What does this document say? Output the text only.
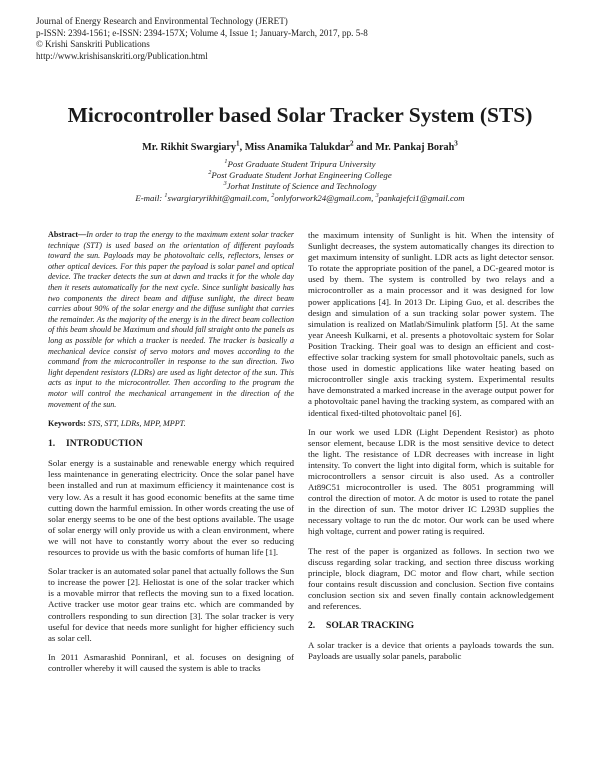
Journal of Energy Research and Environmental Technology (JERET)
p-ISSN: 2394-1561; e-ISSN: 2394-157X; Volume 4, Issue 1; January-March, 2017, pp. 5-8
© Krishi Sanskriti Publications
http://www.krishisanskriti.org/Publication.html
Microcontroller based Solar Tracker System (STS)
Mr. Rikhit Swargiary$^1$, Miss Anamika Talukdar$^2$ and Mr. Pankaj Borah$^3$
$^1$Post Graduate Student Tripura University
$^2$Post Graduate Student Jorhat Engineering College
$^3$Jorhat Institute of Science and Technology
E-mail: $^1$swargiaryrikhit@gmail.com, $^2$onlyforwork24@gmail.com, $^3$pankajefci1@gmail.com
Abstract—In order to trap the energy to the maximum extent solar tracker technique (STT) is used based on the orientation of different payloads toward the sun. Payloads may be photovoltaic cells, reflectors, lenses or other optical devices. For this paper the payload is solar panel and optical device. The tracker detects the sun at dawn and tracks it for the whole day then it resets automatically for the next cycle. Since sunlight basically has two components the direct beam and diffuse sunlight, the direct beam carries about 90% of the solar energy and the diffuse sunlight that carries the remainder. As the majority of the energy is in the direct beam collection of this beam should be Maximum and should fall straight onto the panels as long as possible for which a tracker is needed. The tracker is basically a mechanical device consist of servo motors and moves according to the command from the microcontroller in response to the sun direction. Two light dependent resistors (LDRs) are used as light detector of the sun. This acts as input to the microcontroller. Then according to the program the motor will control the mechanical arrangement in the direction of the movement of the sun.
Keywords: STS, STT, LDRs, MPP, MPPT.
1. INTRODUCTION

Solar energy is a sustainable and renewable energy which required less maintenance in generating electricity. Once the solar panel have been installed and run at maximum efficiency it maintenance cost is very low. As a result it has good economic benefits at the same time cutting down the harmful emission. In other words creating the use of solar energy seems to be one of the best options available. The usage of solar energy will only provide us with a clean environment, where we will not have to constantly worry about the ever so reducing resources to provide us with the basic comforts of human life [1].

Solar tracker is an automated solar panel that actually follows the Sun to increase the power [2]. Heliostat is one of the solar tracker which is a movable mirror that reflects the moving sun to a fixed location. Active tracker use motor gear trains etc. which are commanded by controllers responding to sun direction [3]. The solar tracker is very useful for device that needs more sunlight for higher efficiency such as solar cell.

In 2011 Asmarashid Ponniranl, et al. focuses on designing of controller whereby it will caused the system is able to tracks

the maximum intensity of Sunlight is hit. When the intensity of Sunlight decreases, the system automatically changes its direction to get maximum intensity of sunlight. LDR acts as light detector sensor. To rotate the appropriate position of the panel, a DC-geared motor is used by them. The system is controlled by two relays and a microcontroller as a main processor and it was designed for low power applications [4]. In 2013 Dr. Liping Guo, et al. describes the design and simulation of a sun tracking solar power system. The simulation is realized on Matlab/Simulink platform [5]. At the same year Aneesh Kulkarni, et al. presents a photovoltaic system for Solar Position Tracking. Their goal was to design an efficient and cost-effective solar tracking system for small photovoltaic panels, such as those used in domestic applications like water heating based on microcontroller single axis tracking system. Experimental results have demonstrated a marked increase in the average output power for a photovoltaic panel having the tracking system, as compared with an identical fixed-tilted photovoltaic panel [6].

In our work we used LDR (Light Dependent Resistor) as photo sensor element, because LDR is the most sensitive device to detect the light. The resistance of LDR decreases with increase in light intensity. To convert the light into digital form, which is suitable for microcontrollers a sensor circuit is also used. As a controller At89C51 microcontroller is used. The 8051 programming will control the direction of motor. A dc motor is used to rotate the panel in the direction of sun. The motor driver IC L293D supplies the necessary voltage to run the dc motor. Our work can be used where high voltage, current and power rating is required.

The rest of the paper is organized as follows. In section two we discuss regarding solar tracking, and section three discuss working principle, block diagram, DC motor and flow chart, while section four contains result discussion and conclusion. Section five contains conclusion section six and seven finally contain acknowledgement and references.

2. SOLAR TRACKING

A solar tracker is a device that orients a payloads towards the sun. Payloads are usually solar panels, parabolic
